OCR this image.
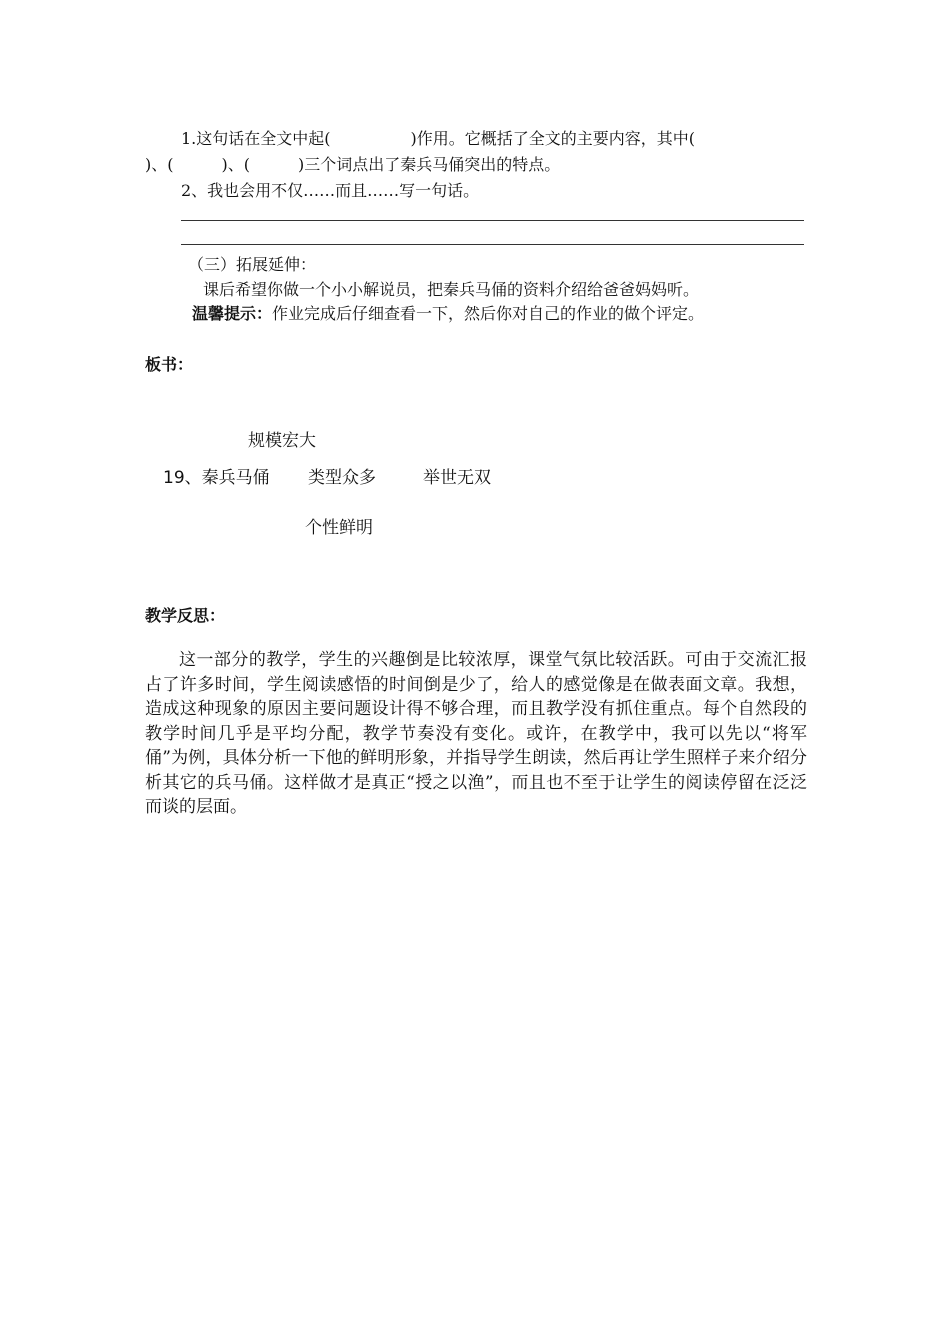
1.这句话在全文中起(　　　　　)作用。它概括了全文的主要内容，其中(
)、(　　　)、(　　　)三个词点出了秦兵马俑突出的特点。
2、我也会用不仅……而且……写一句话。
（三）拓展延伸：
课后希望你做一个小小解说员，把秦兵马俑的资料介绍给爸爸妈妈听。
温馨提示：作业完成后仔细查看一下，然后你对自己的作业的做个评定。
板书：
规模宏大
19、秦兵马俑 类型众多	举世无双
个性鲜明
教学反思：
这一部分的教学，学生的兴趣倒是比较浓厚，课堂气氛比较活跃。可由于交流汇报占了许多时间，学生阅读感悟的时间倒是少了，给人的感觉像是在做表面文章。我想，造成这种现象的原因主要问题设计得不够合理，而且教学没有抓住重点。每个自然段的教学时间几乎是平均分配，教学节奏没有变化。或许，在教学中，我可以先以“将军俑”为例，具体分析一下他的鲜明形象，并指导学生朗读，然后再让学生照样子来介绍分析其它的兵马俑。这样做才是真正“授之以渔”，而且也不至于让学生的阅读停留在泛泛而谈的层面。
